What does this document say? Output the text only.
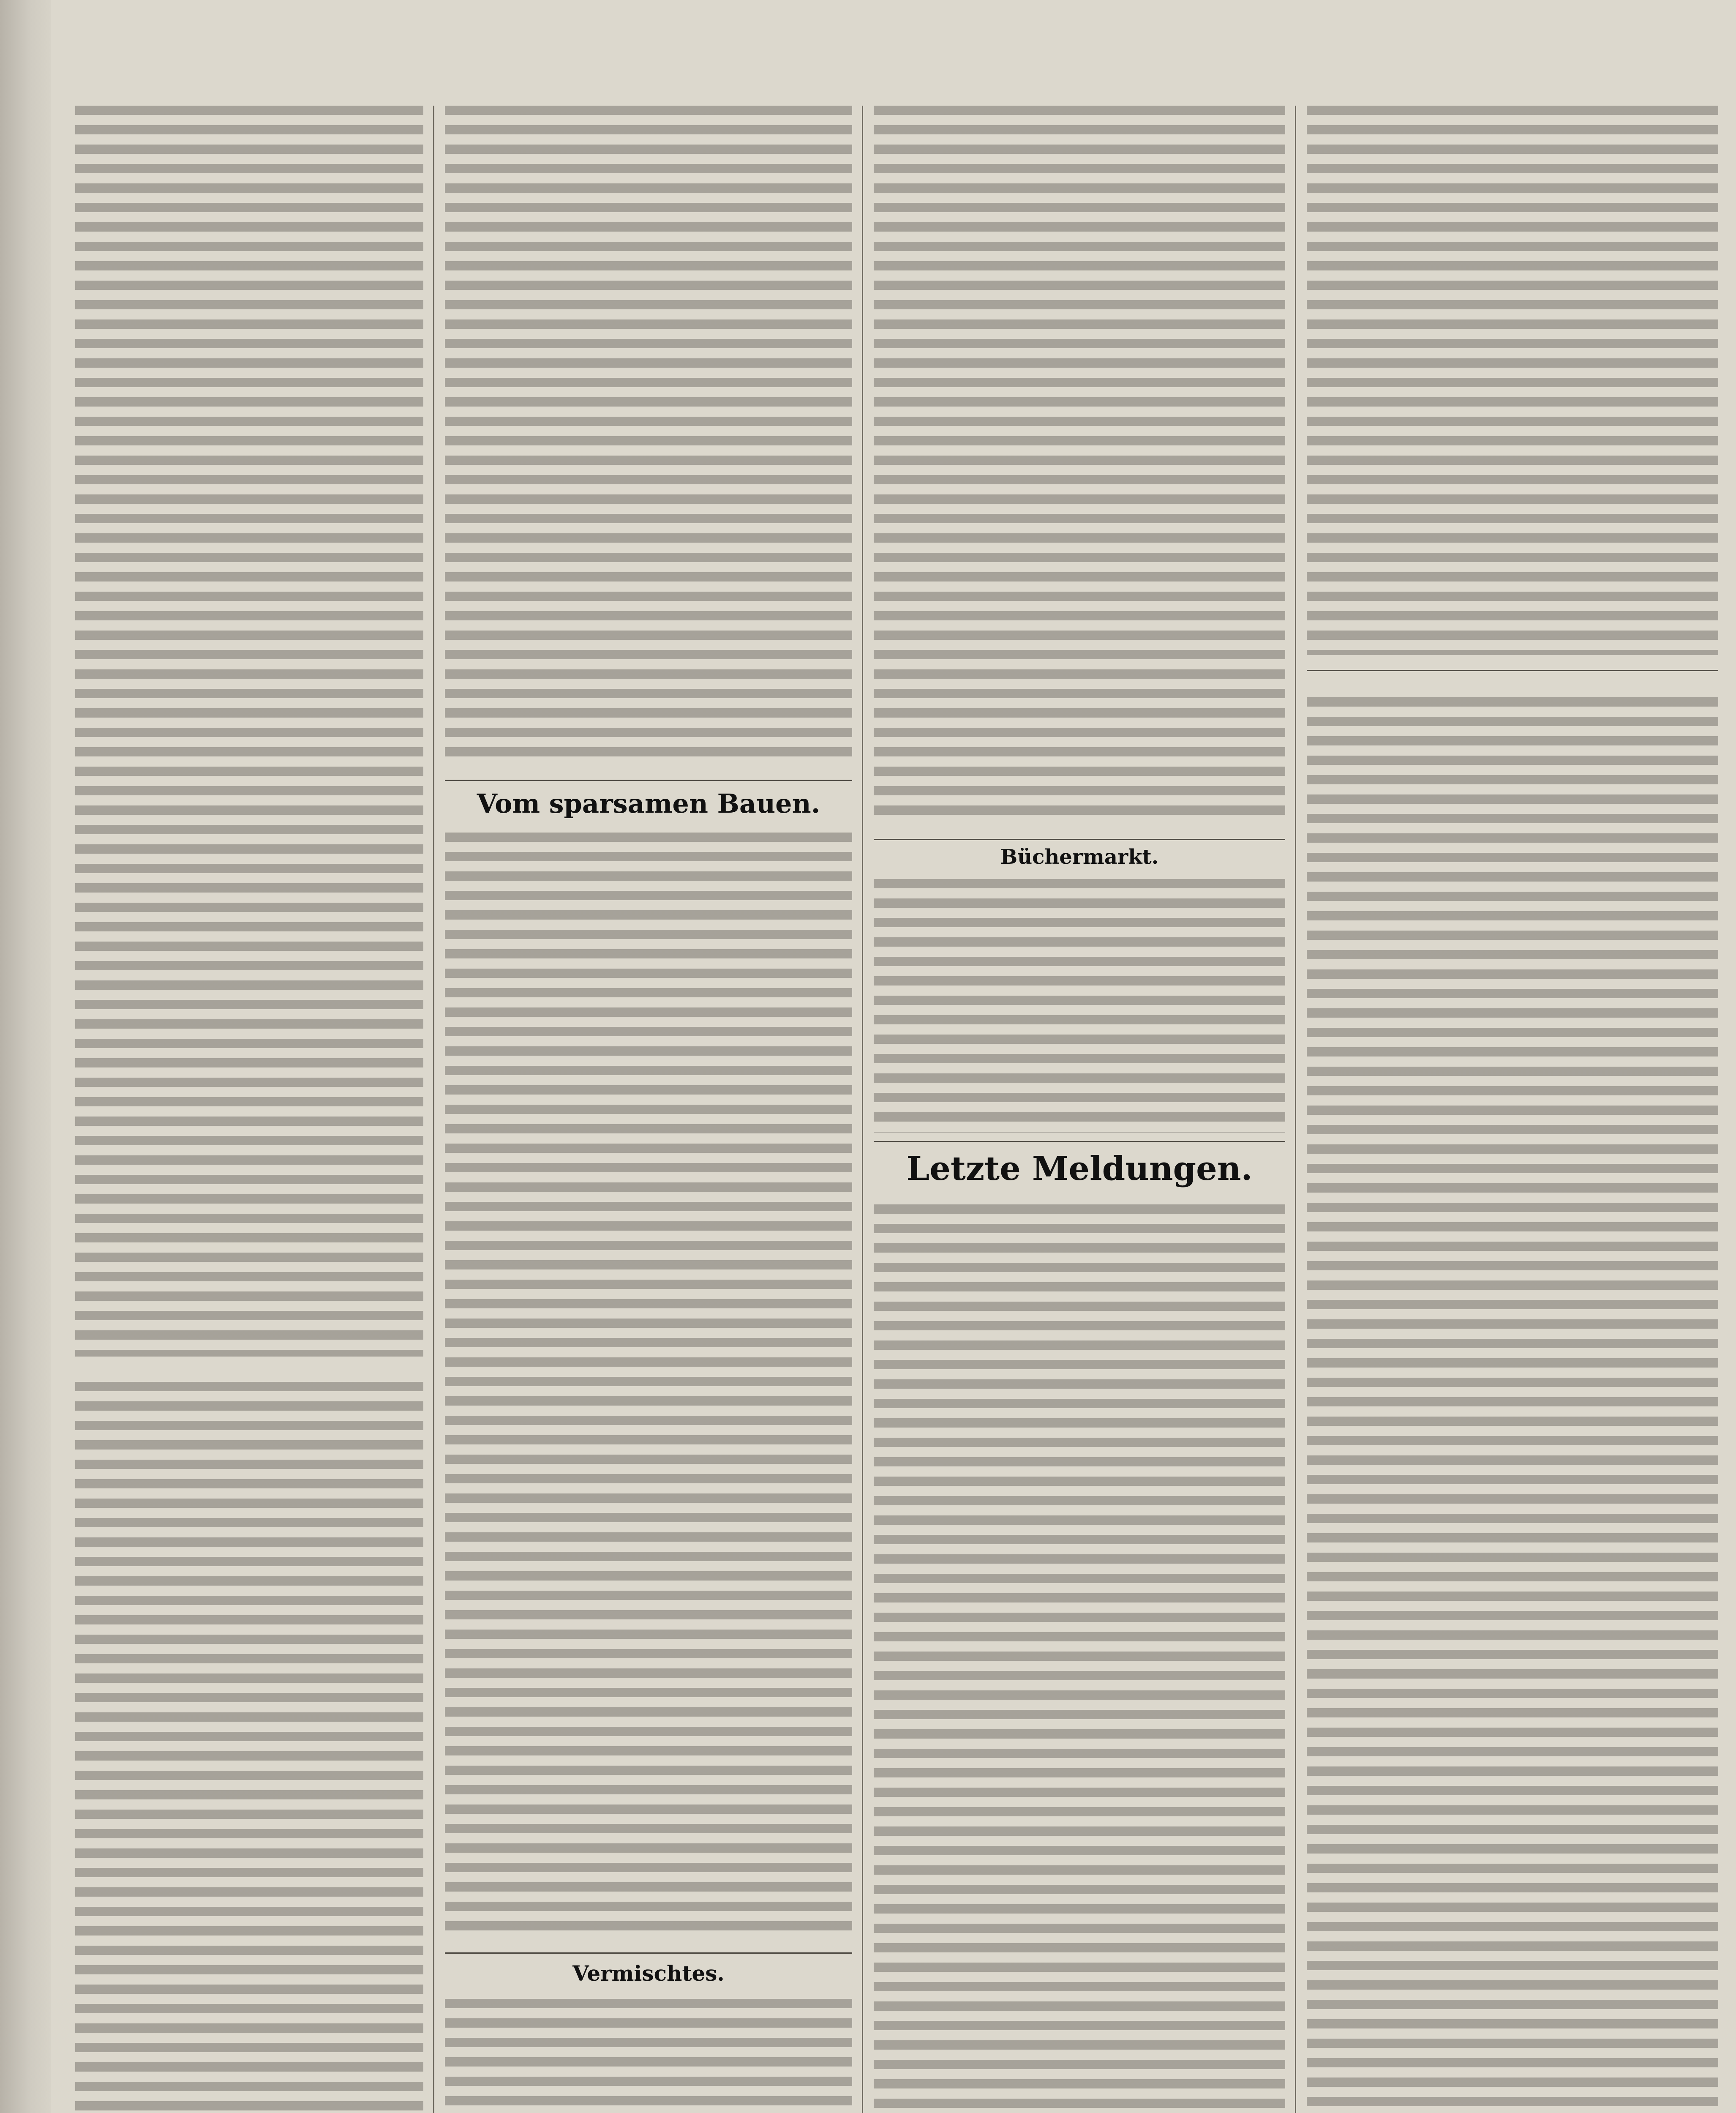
Vom sparsamen Bauen.
Vermischtes.
Büchermarkt.
Letzte Meldungen.
